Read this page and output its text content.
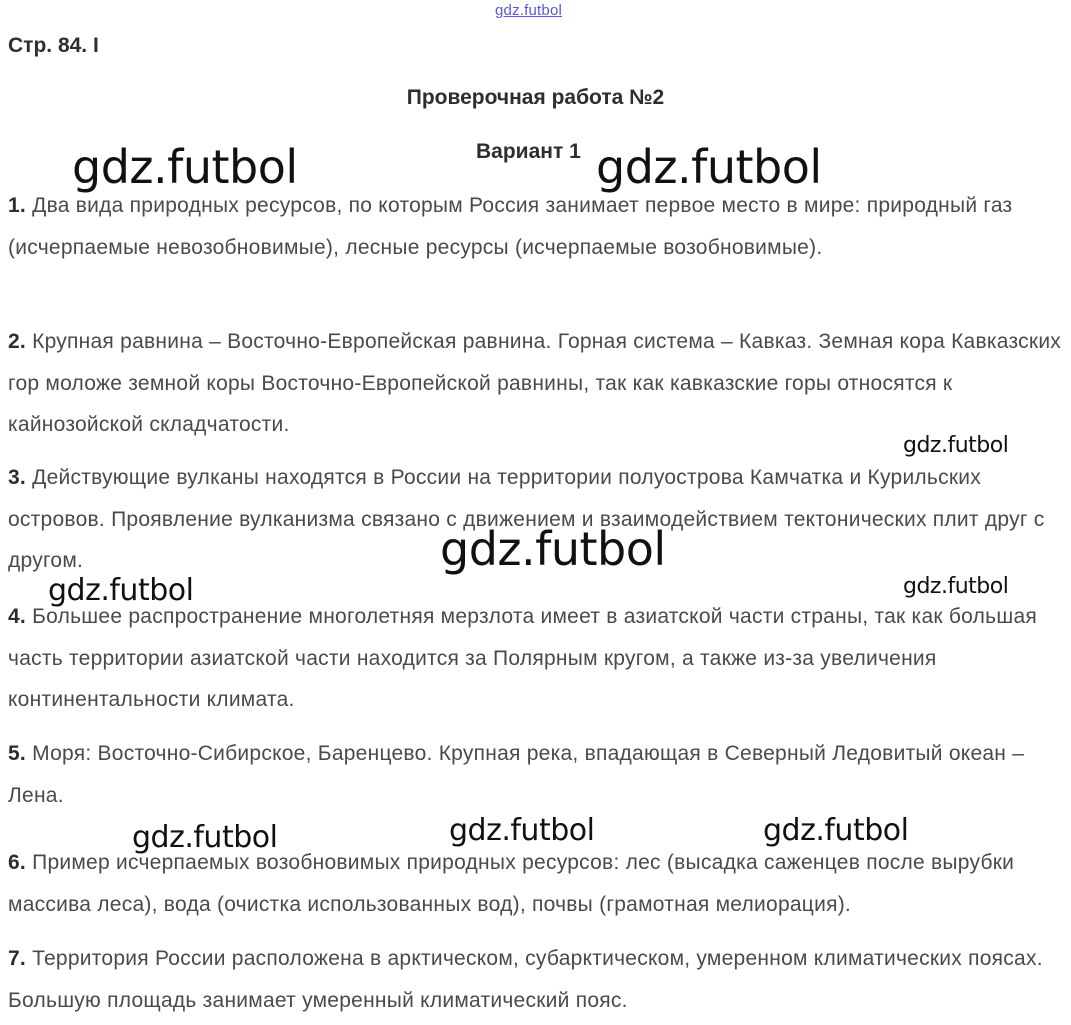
gdz.futbol
Стр. 84. I
Проверочная работа №2
Вариант 1
1. Два вида природных ресурсов, по которым Россия занимает первое место в мире: природный газ (исчерпаемые невозобновимые), лесные ресурсы (исчерпаемые возобновимые).
2. Крупная равнина – Восточно-Европейская равнина. Горная система – Кавказ. Земная кора Кавказских гор моложе земной коры Восточно-Европейской равнины, так как кавказские горы относятся к кайнозойской складчатости.
3. Действующие вулканы находятся в России на территории полуострова Камчатка и Курильских островов. Проявление вулканизма связано с движением и взаимодействием тектонических плит друг с другом.
4. Большее распространение многолетняя мерзлота имеет в азиатской части страны, так как большая часть территории азиатской части находится за Полярным кругом, а также из-за увеличения континентальности климата.
5. Моря: Восточно-Сибирское, Баренцево. Крупная река, впадающая в Северный Ледовитый океан – Лена.
6. Пример исчерпаемых возобновимых природных ресурсов: лес (высадка саженцев после вырубки массива леса), вода (очистка использованных вод), почвы (грамотная мелиорация).
7. Территория России расположена в арктическом, субарктическом, умеренном климатических поясах. Большую площадь занимает умеренный климатический пояс.
gdz.futbol	gdz.futbol
gdz.futbol
gdz.futbol
gdz.futbol	gdz.futbol
gdz.futbol	gdz.futbol	gdz.futbol
